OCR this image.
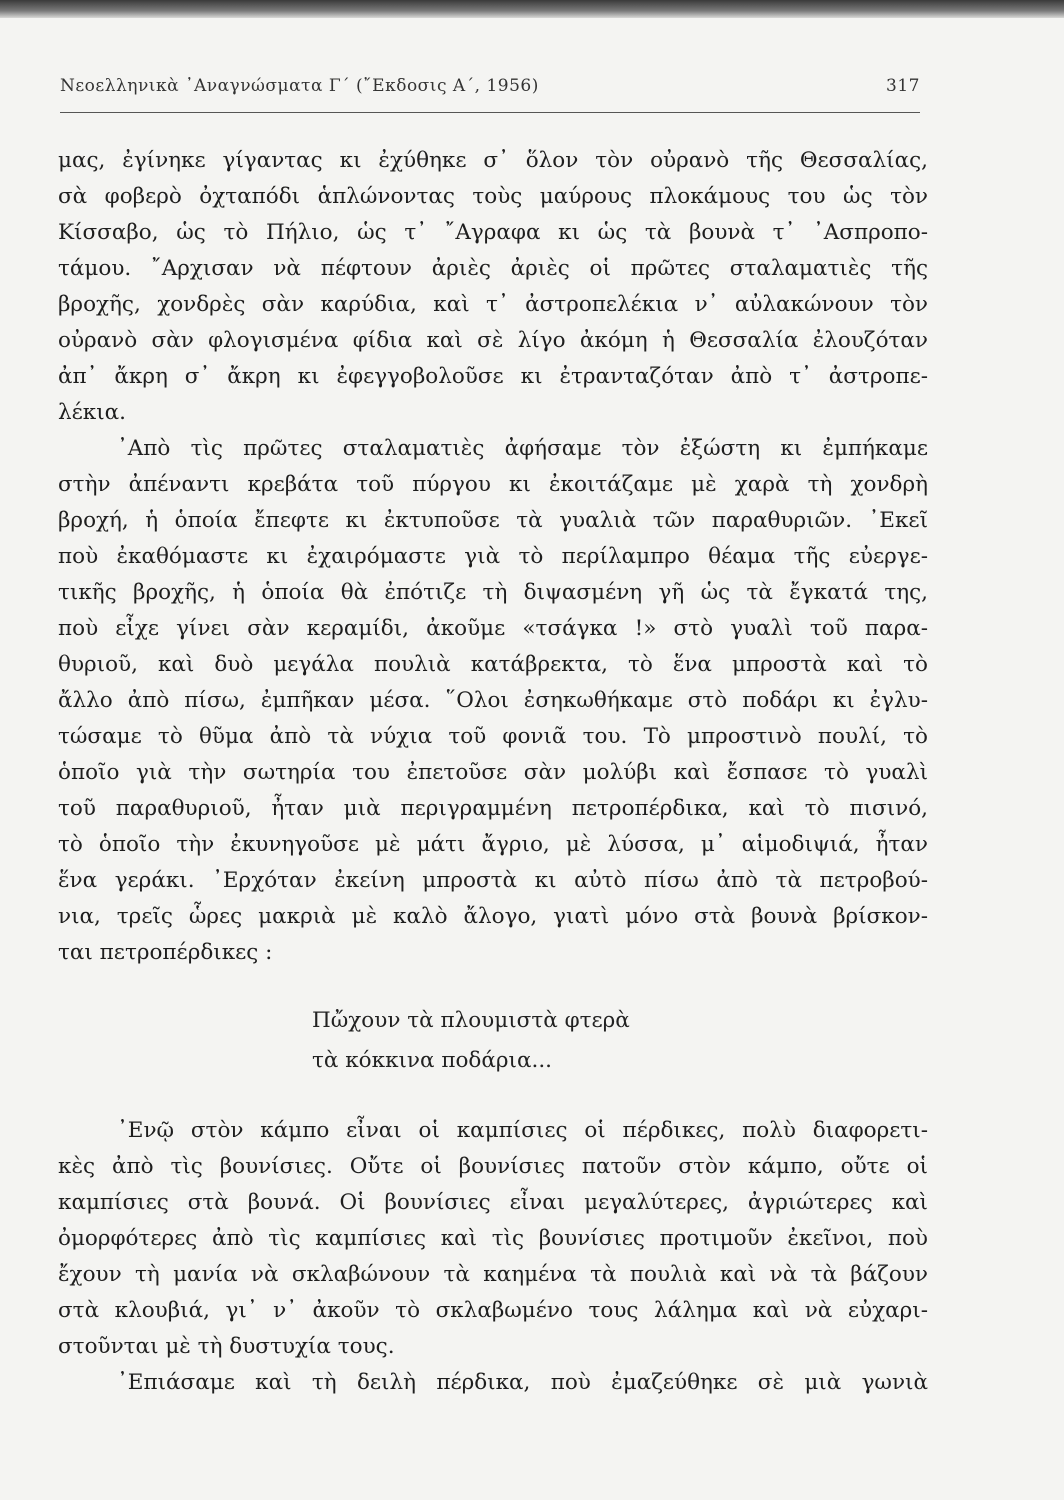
Νεοελληνικὰ ᾿Αναγνώσματα Γ΄ (῎Εκδοσις Α΄, 1956)	317
μας, ἐγίνηκε γίγαντας κι ἐχύθηκε σ᾿ ὅλον τὸν οὐρανὸ τῆς Θεσσαλίας,
σὰ φοβερὸ ὀχταπόδι ἁπλώνοντας τοὺς μαύρους πλοκάμους του ὡς τὸν
Κίσσαβο, ὡς τὸ Πήλιο, ὡς τ᾿ ῎Αγραφα κι ὡς τὰ βουνὰ τ᾿ ᾿Ασπροπο-
τάμου. ῎Αρχισαν νὰ πέφτουν ἀριὲς ἀριὲς οἱ πρῶτες σταλαματιὲς τῆς
βροχῆς, χονδρὲς σὰν καρύδια, καὶ τ᾿ ἀστροπελέκια ν᾿ αὐλακώνουν τὸν
οὐρανὸ σὰν φλογισμένα φίδια καὶ σὲ λίγο ἀκόμη ἡ Θεσσαλία ἐλουζόταν
ἀπ᾿ ἄκρη σ᾿ ἄκρη κι ἐφεγγοβολοῦσε κι ἐτρανταζόταν ἀπὸ τ᾿ ἀστροπε-
λέκια.
᾿Απὸ τὶς πρῶτες σταλαματιὲς ἀφήσαμε τὸν ἐξώστη κι ἐμπήκαμε
στὴν ἀπέναντι κρεβάτα τοῦ πύργου κι ἐκοιτάζαμε μὲ χαρὰ τὴ χονδρὴ
βροχή, ἡ ὁποία ἔπεφτε κι ἐκτυποῦσε τὰ γυαλιὰ τῶν παραθυριῶν. ᾿Εκεῖ
ποὺ ἐκαθόμαστε κι ἐχαιρόμαστε γιὰ τὸ περίλαμπρο θέαμα τῆς εὐεργε-
τικῆς βροχῆς, ἡ ὁποία θὰ ἐπότιζε τὴ διψασμένη γῆ ὡς τὰ ἔγκατά της,
ποὺ εἶχε γίνει σὰν κεραμίδι, ἀκοῦμε «τσάγκα !» στὸ γυαλὶ τοῦ παρα-
θυριοῦ, καὶ δυὸ μεγάλα πουλιὰ κατάβρεκτα, τὸ ἕνα μπροστὰ καὶ τὸ
ἄλλο ἀπὸ πίσω, ἐμπῆκαν μέσα. ῞Ολοι ἐσηκωθήκαμε στὸ ποδάρι κι ἐγλυ-
τώσαμε τὸ θῦμα ἀπὸ τὰ νύχια τοῦ φονιᾶ του. Τὸ μπροστινὸ πουλί, τὸ
ὁποῖο γιὰ τὴν σωτηρία του ἐπετοῦσε σὰν μολύβι καὶ ἔσπασε τὸ γυαλὶ
τοῦ παραθυριοῦ, ἦταν μιὰ περιγραμμένη πετροπέρδικα, καὶ τὸ πισινό,
τὸ ὁποῖο τὴν ἐκυνηγοῦσε μὲ μάτι ἄγριο, μὲ λύσσα, μ᾿ αἱμοδιψιά, ἦταν
ἕνα γεράκι. ᾿Ερχόταν ἐκείνη μπροστὰ κι αὐτὸ πίσω ἀπὸ τὰ πετροβού-
νια, τρεῖς ὧρες μακριὰ μὲ καλὸ ἄλογο, γιατὶ μόνο στὰ βουνὰ βρίσκον-
ται πετροπέρδικες :
Πὤχουν τὰ πλουμιστὰ φτερὰ
τὰ κόκκινα ποδάρια...
᾿Ενῷ στὸν κάμπο εἶναι οἱ καμπίσιες οἱ πέρδικες, πολὺ διαφορετι-
κὲς ἀπὸ τὶς βουνίσιες. Οὔτε οἱ βουνίσιες πατοῦν στὸν κάμπο, οὔτε οἱ
καμπίσιες στὰ βουνά. Οἱ βουνίσιες εἶναι μεγαλύτερες, ἀγριώτερες καὶ
ὀμορφότερες ἀπὸ τὶς καμπίσιες καὶ τὶς βουνίσιες προτιμοῦν ἐκεῖνοι, ποὺ
ἔχουν τὴ μανία νὰ σκλαβώνουν τὰ καημένα τὰ πουλιὰ καὶ νὰ τὰ βάζουν
στὰ κλουβιά, γι᾿ ν᾿ ἀκοῦν τὸ σκλαβωμένο τους λάλημα καὶ νὰ εὐχαρι-
στοῦνται μὲ τὴ δυστυχία τους.
᾿Επιάσαμε καὶ τὴ δειλὴ πέρδικα, ποὺ ἐμαζεύθηκε σὲ μιὰ γωνιὰ
